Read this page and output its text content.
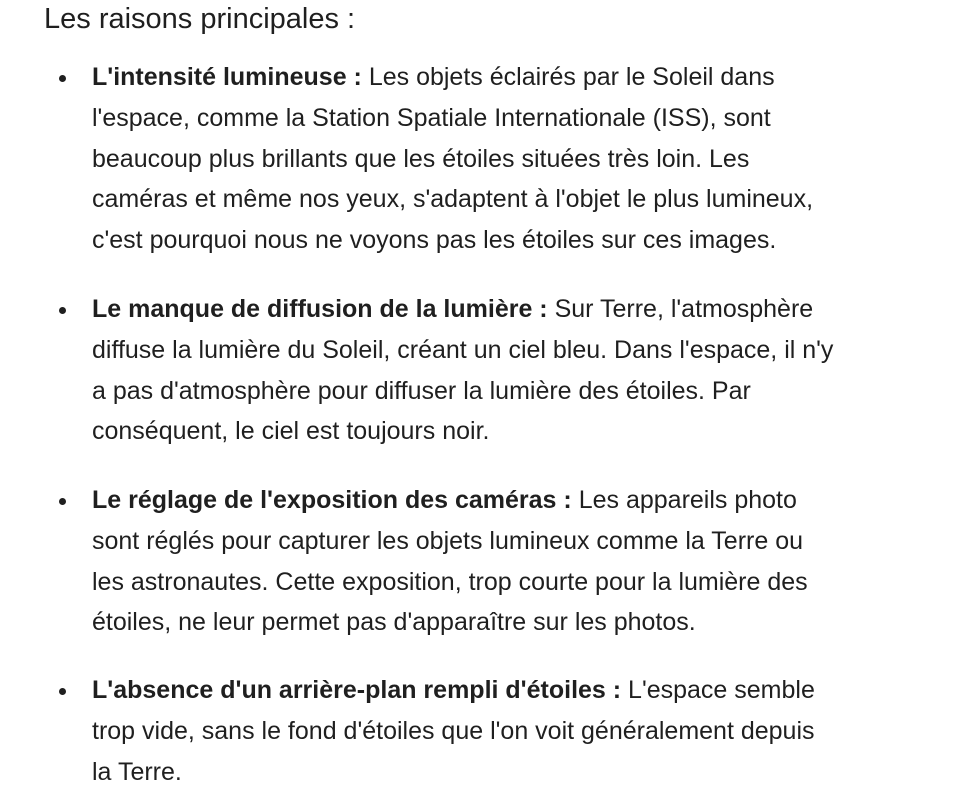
Les raisons principales :
L'intensité lumineuse : Les objets éclairés par le Soleil dans
l'espace, comme la Station Spatiale Internationale (ISS), sont
beaucoup plus brillants que les étoiles situées très loin. Les
caméras et même nos yeux, s'adaptent à l'objet le plus lumineux,
c'est pourquoi nous ne voyons pas les étoiles sur ces images.
Le manque de diffusion de la lumière : Sur Terre, l'atmosphère
diffuse la lumière du Soleil, créant un ciel bleu. Dans l'espace, il n'y
a pas d'atmosphère pour diffuser la lumière des étoiles. Par
conséquent, le ciel est toujours noir.
Le réglage de l'exposition des caméras : Les appareils photo
sont réglés pour capturer les objets lumineux comme la Terre ou
les astronautes. Cette exposition, trop courte pour la lumière des
étoiles, ne leur permet pas d'apparaître sur les photos.
L'absence d'un arrière-plan rempli d'étoiles : L'espace semble
trop vide, sans le fond d'étoiles que l'on voit généralement depuis
la Terre.
